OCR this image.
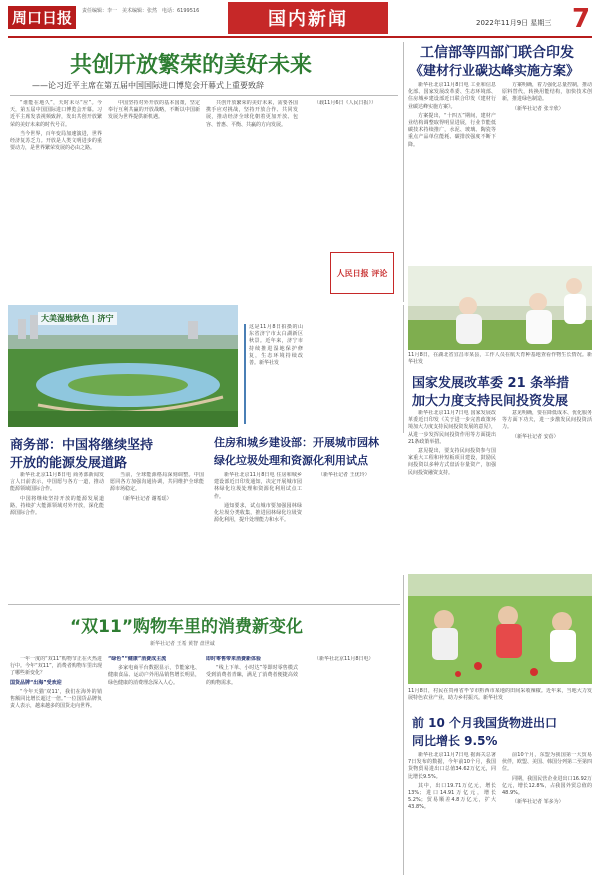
周口日报	责任编辑：李一　美术编辑：张然　电话：6199516	国内新闻	2022年11月9日 星期三 7
共创开放繁荣的美好未来
——论习近平主席在第五届中国国际进口博览会开幕式上重要致辞

“谁能在地久”，天时未尽“应”。今天，第五届中国国际进口博览会开幕。习近平主席发表视频致辞，发出共创开放繁荣的美好未来的时代号召。

当今世界，百年变局加速演进，世界经济复苏乏力。开放是人类文明进步的重要动力，是世界繁荣发展的必由之路。

中国坚持对外开放的基本国策，坚定奉行互利共赢的开放战略，不断以中国新发展为世界提供新机遇。

共创开放繁荣的美好未来，需要各国携手应对挑战，坚持开放合作、共同发展，推动经济全球化朝着更加开放、包容、普惠、平衡、共赢的方向发展。

（载11月6日《人民日报》）

人民日报 评论
工信部等四部门联合印发
《建材行业碳达峰实施方案》

新华社北京11月8日电 工业和信息化部、国家发展改革委、生态环境部、住房城乡建设部近日联合印发《建材行业碳达峰实施方案》。

方案提出，“十四五”期间，建材产业结构调整取得明显进展，行业节能低碳技术持续推广，水泥、玻璃、陶瓷等重点产品单位能耗、碳排放强度不断下降。

方案明确，着力强化总量控制，推动原料替代，转换用能结构，加快技术创新，推进绿色制造。

（新华社记者 张辛欣）

11月8日，在湖北省宜昌市某县，工作人员在航天育种基地查看作物生长情况。新华社发
大美湿地秋色 | 济宁
这是11月8日拍摄的山东省济宁市太白湖新区秋景。近年来，济宁市持续推进湿地保护修复，生态环境持续改善。新华社发
国家发展改革委 21 条举措
加大力度支持民间投资发展

新华社北京11月7日电 国家发展改革委近日印发《关于进一步完善政策环境加大力度支持民间投资发展的意见》，从进一步发挥民间投资作用等方面提出21条政策举措。

意见提出，要支持民间投资参与国家重大工程和补短板项目建设，鼓励民间投资以多种方式盘活存量资产，加强民间投资融资支持。

意见明确，要在降低成本、优化服务等方面下功夫，进一步激发民间投资活力。

（新华社记者 安蓓）

商务部：中国将继续坚持
开放的能源发展道路

新华社北京11月8日电 商务部新闻发言人日前表示，中国愿与各方一道，推动能源领域国际合作。

中国将继续坚持开放的能源发展道路，持续扩大能源领域对外开放，深化能源国际合作。

当前，全球能源格局深刻调整。中国愿同各方加强沟通协调，共同维护全球能源市场稳定。

（新华社记者 谢希瑶）

住房和城乡建设部：开展城市园林
绿化垃圾处理和资源化利用试点

新华社北京11月8日电 住房和城乡建设部近日印发通知，决定开展城市园林绿化垃圾处理和资源化利用试点工作。

通知要求，试点城市要加强园林绿化垃圾分类收集，推进园林绿化垃圾资源化利用，提升处理能力和水平。

（新华社记者 王优玲）

“双11”购物车里的消费新变化
新华社记者 王希 黄智 盘世诚

一年一度的“双11”购物节正在火热进行中。今年“双11”，消费者购物车里出现了哪些新变化？

国货品牌“出海”受欢迎

“今年天猫‘双11’，我们在海外的销售额同比增长超过一倍。”一位国货品牌负责人表示，越来越多的国货走向世界。

“绿色”“健康”消费成主流

多家电商平台数据显示，节能家电、健康食品、运动户外用品销售增长明显，绿色健康的消费理念深入人心。

即时零售带来消费新体验

“线上下单、小时达”等即时零售模式受到消费者青睐，满足了消费者便捷高效的购物需求。

（新华社北京11月8日电）

11月8日，村民在贵州省毕节市黔西市某地的田间采收辣椒。近年来，当地大力发展特色农业产业，助力乡村振兴。新华社发
前 10 个月我国货物进出口
同比增长 9.5%

新华社北京11月7日电 据海关总署7日发布的数据，今年前10个月，我国货物贸易进出口总值34.62万亿元，同比增长9.5%。

其中，出口19.71万亿元，增长13%；进口14.91万亿元，增长5.2%；贸易顺差4.8万亿元，扩大43.8%。

前10个月，东盟为我国第一大贸易伙伴，欧盟、美国、韩国分列第二至第四位。

同期，我国民营企业进出口16.92万亿元，增长12.8%，占我国外贸总值的48.9%。

（新华社记者 邹多为）
